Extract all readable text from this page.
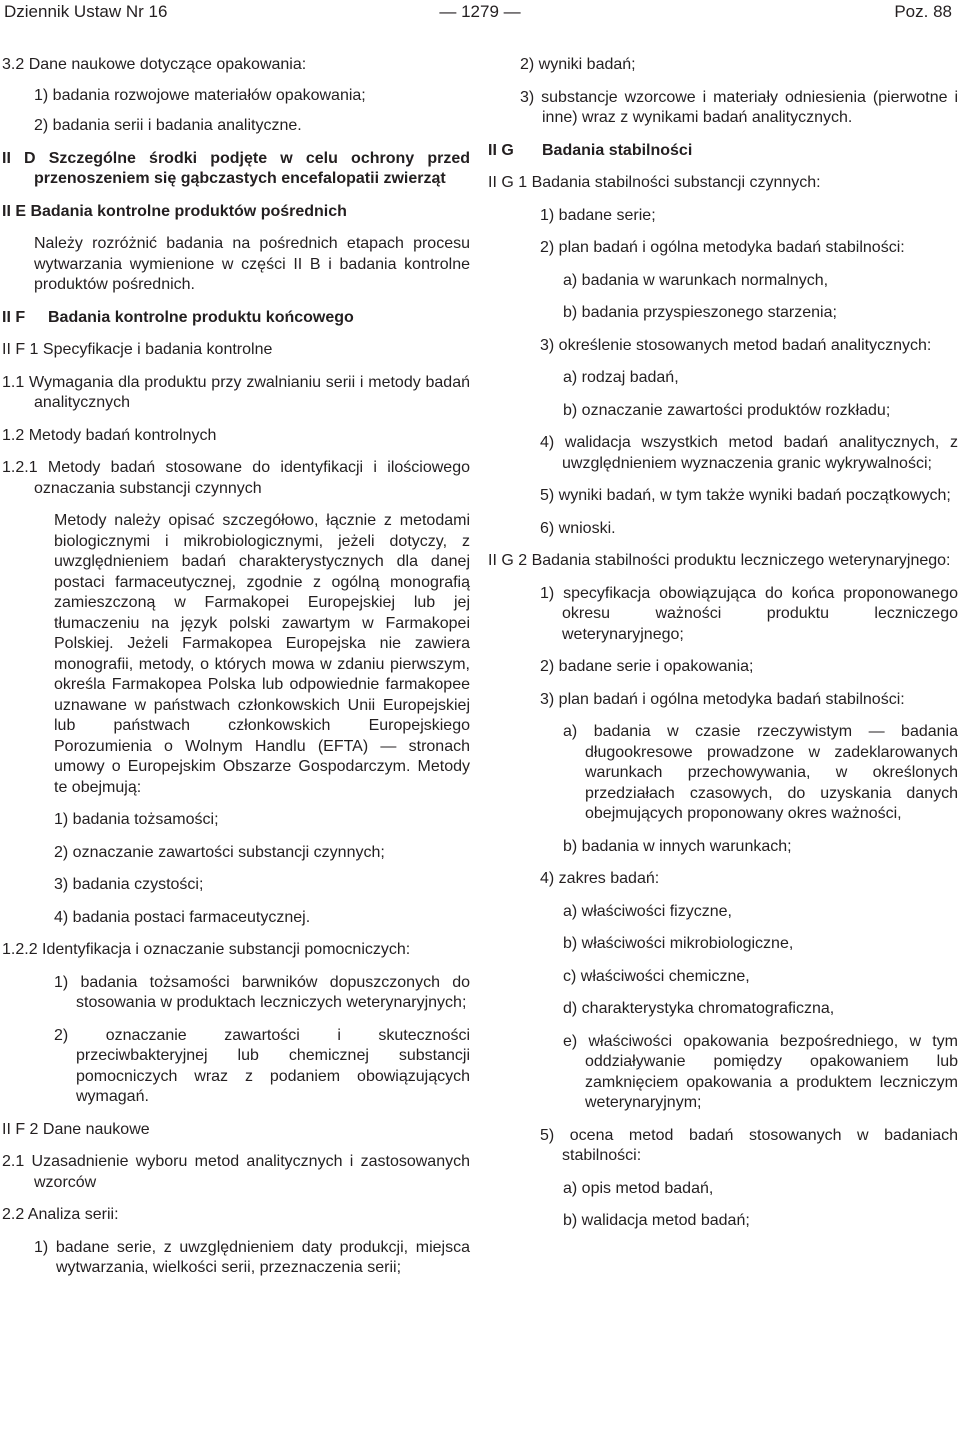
Dziennik Ustaw Nr 16	— 1279 —	Poz. 88
3.2 Dane naukowe dotyczące opakowania:
1) badania rozwojowe materiałów opakowania;
2) badania serii i badania analityczne.
II D Szczególne środki podjęte w celu ochrony przed przenoszeniem się gąbczastych encefalopatii zwierząt
II E Badania kontrolne produktów pośrednich
Należy rozróżnić badania na pośrednich etapach procesu wytwarzania wymienione w części II B i badania kontrolne produktów pośrednich.
II F Badania kontrolne produktu końcowego
II F 1 Specyfikacje i badania kontrolne
1.1 Wymagania dla produktu przy zwalnianiu serii i metody badań analitycznych
1.2 Metody badań kontrolnych
1.2.1 Metody badań stosowane do identyfikacji i ilościowego oznaczania substancji czynnych
Metody należy opisać szczegółowo, łącznie z metodami biologicznymi i mikrobiologicznymi, jeżeli dotyczy, z uwzględnieniem badań charakterystycznych dla danej postaci farmaceutycznej, zgodnie z ogólną monografią zamieszczoną w Farmakopei Europejskiej lub jej tłumaczeniu na język polski zawartym w Farmakopei Polskiej. Jeżeli Farmakopea Europejska nie zawiera monografii, metody, o których mowa w zdaniu pierwszym, określa Farmakopea Polska lub odpowiednie farmakopee uznawane w państwach członkowskich Unii Europejskiej lub państwach członkowskich Europejskiego Porozumienia o Wolnym Handlu (EFTA) — stronach umowy o Europejskim Obszarze Gospodarczym. Metody te obejmują:
1) badania tożsamości;
2) oznaczanie zawartości substancji czynnych;
3) badania czystości;
4) badania postaci farmaceutycznej.
1.2.2 Identyfikacja i oznaczanie substancji pomocniczych:
1) badania tożsamości barwników dopuszczonych do stosowania w produktach leczniczych weterynaryjnych;
2) oznaczanie zawartości i skuteczności przeciwbakteryjnej lub chemicznej substancji pomocniczych wraz z podaniem obowiązujących wymagań.
II F 2 Dane naukowe
2.1 Uzasadnienie wyboru metod analitycznych i zastosowanych wzorców
2.2 Analiza serii:
1) badane serie, z uwzględnieniem daty produkcji, miejsca wytwarzania, wielkości serii, przeznaczenia serii;
2) wyniki badań;
3) substancje wzorcowe i materiały odniesienia (pierwotne i inne) wraz z wynikami badań analitycznych.
II G Badania stabilności
II G 1 Badania stabilności substancji czynnych:
1) badane serie;
2) plan badań i ogólna metodyka badań stabilności:
a) badania w warunkach normalnych,
b) badania przyspieszonego starzenia;
3) określenie stosowanych metod badań analitycznych:
a) rodzaj badań,
b) oznaczanie zawartości produktów rozkładu;
4) walidacja wszystkich metod badań analitycznych, z uwzględnieniem wyznaczenia granic wykrywalności;
5) wyniki badań, w tym także wyniki badań początkowych;
6) wnioski.
II G 2 Badania stabilności produktu leczniczego weterynaryjnego:
1) specyfikacja obowiązująca do końca proponowanego okresu ważności produktu leczniczego weterynaryjnego;
2) badane serie i opakowania;
3) plan badań i ogólna metodyka badań stabilności:
a) badania w czasie rzeczywistym — badania długookresowe prowadzone w zadeklarowanych warunkach przechowywania, w określonych przedziałach czasowych, do uzyskania danych obejmujących proponowany okres ważności,
b) badania w innych warunkach;
4) zakres badań:
a) właściwości fizyczne,
b) właściwości mikrobiologiczne,
c) właściwości chemiczne,
d) charakterystyka chromatograficzna,
e) właściwości opakowania bezpośredniego, w tym oddziaływanie pomiędzy opakowaniem lub zamknięciem opakowania a produktem leczniczym weterynaryjnym;
5) ocena metod badań stosowanych w badaniach stabilności:
a) opis metod badań,
b) walidacja metod badań;
